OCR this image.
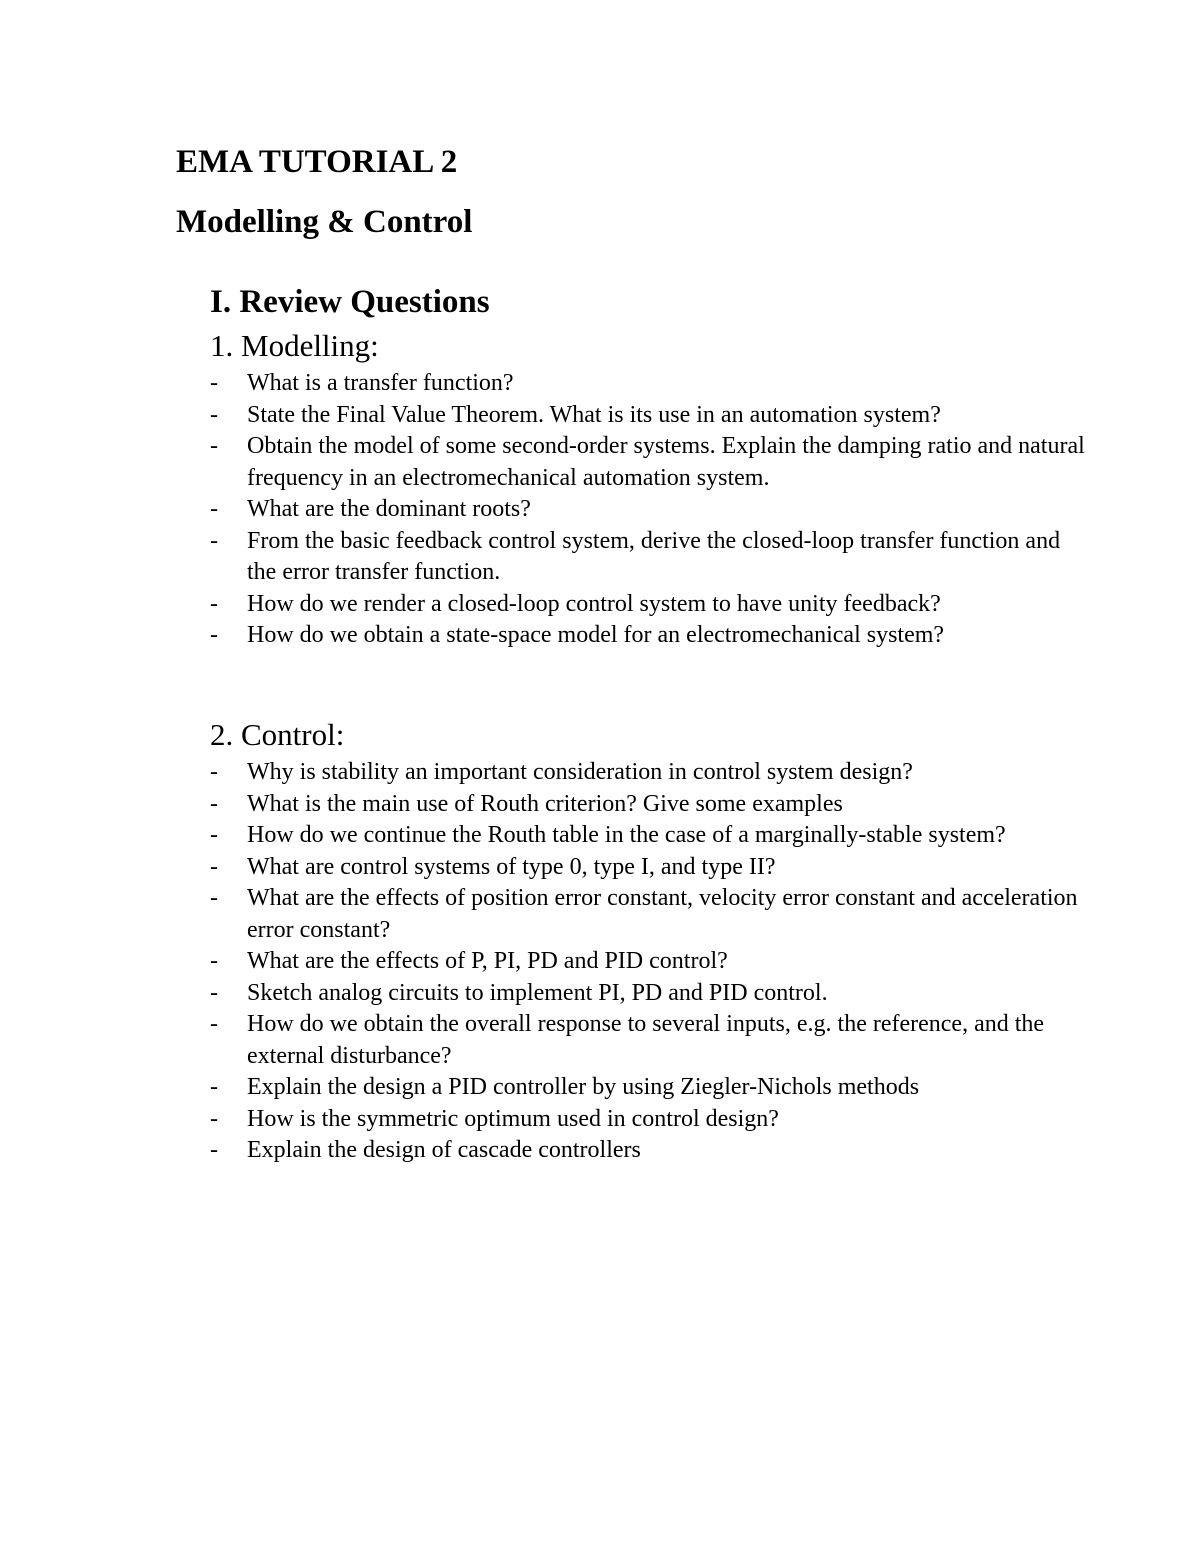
EMA TUTORIAL 2
Modelling & Control
I. Review Questions
1. Modelling:
- What is a transfer function?
- State the Final Value Theorem. What is its use in an automation system?
- Obtain the model of some second-order systems. Explain the damping ratio and natural frequency in an electromechanical automation system.
- What are the dominant roots?
- From the basic feedback control system, derive the closed-loop transfer function and the error transfer function.
- How do we render a closed-loop control system to have unity feedback?
- How do we obtain a state-space model for an electromechanical system?
2. Control:
- Why is stability an important consideration in control system design?
- What is the main use of Routh criterion? Give some examples
- How do we continue the Routh table in the case of a marginally-stable system?
- What are control systems of type 0, type I, and type II?
- What are the effects of position error constant, velocity error constant and acceleration error constant?
- What are the effects of P, PI, PD and PID control?
- Sketch analog circuits to implement PI, PD and PID control.
- How do we obtain the overall response to several inputs, e.g. the reference, and the external disturbance?
- Explain the design a PID controller by using Ziegler-Nichols methods
- How is the symmetric optimum used in control design?
- Explain the design of cascade controllers
